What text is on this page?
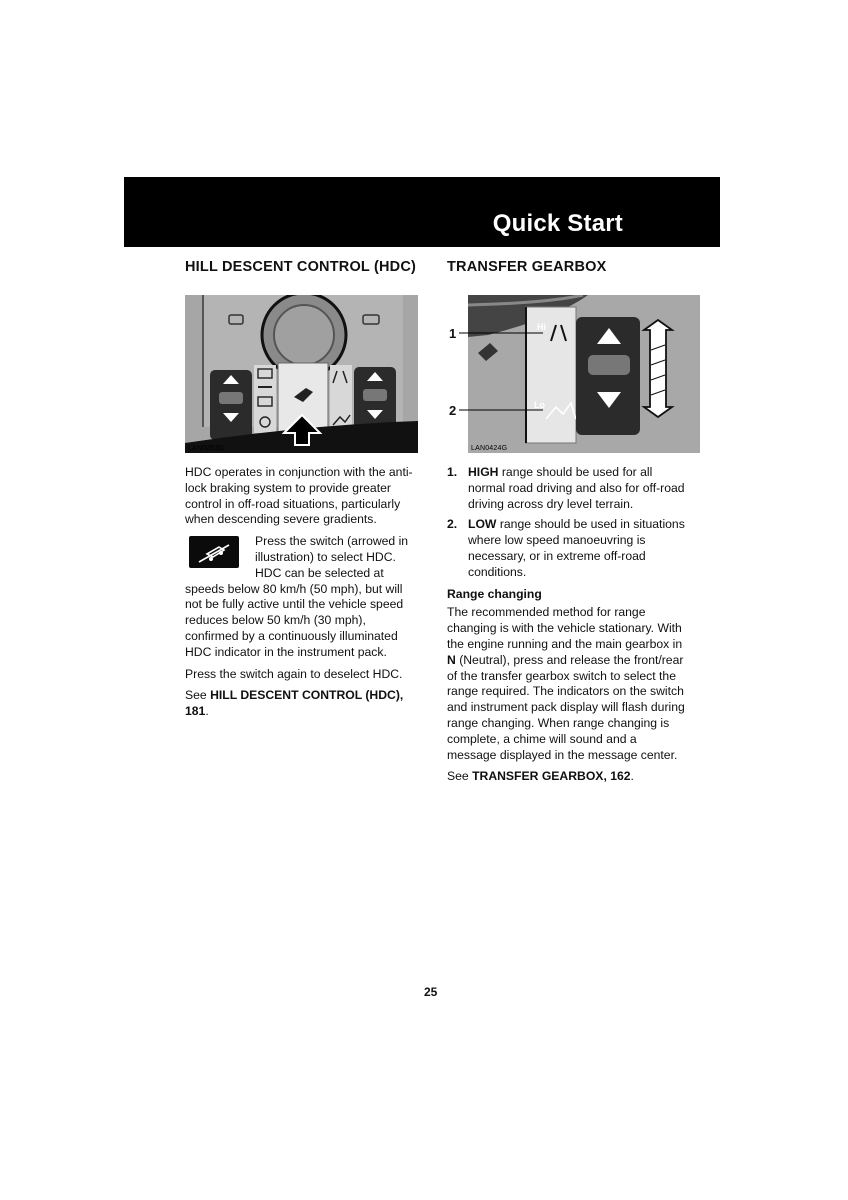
Quick Start
HILL DESCENT CONTROL (HDC)
LAN0263G

HDC operates in conjunction with the anti-lock braking system to provide greater control in off-road situations, particularly when descending severe gradients.

Press the switch (arrowed in illustration) to select HDC. HDC can be selected at speeds below 80 km/h (50 mph), but will not be fully active until the vehicle speed reduces below 50 km/h (30 mph), confirmed by a continuously illuminated HDC indicator in the instrument pack.

Press the switch again to deselect HDC.

See HILL DESCENT CONTROL (HDC), 181.

TRANSFER GEARBOX
Hi
Lo
LAN0424G
1. HIGH range should be used for all normal road driving and also for off-road driving across dry level terrain.
2. LOW range should be used in situations where low speed manoeuvring is necessary, or in extreme off-road conditions.
Range changing

The recommended method for range changing is with the vehicle stationary. With the engine running and the main gearbox in N (Neutral), press and release the front/rear of the transfer gearbox switch to select the range required. The indicators on the switch and instrument pack display will flash during range changing. When range changing is complete, a chime will sound and a message displayed in the message center.

See TRANSFER GEARBOX, 162.

1
2
25
